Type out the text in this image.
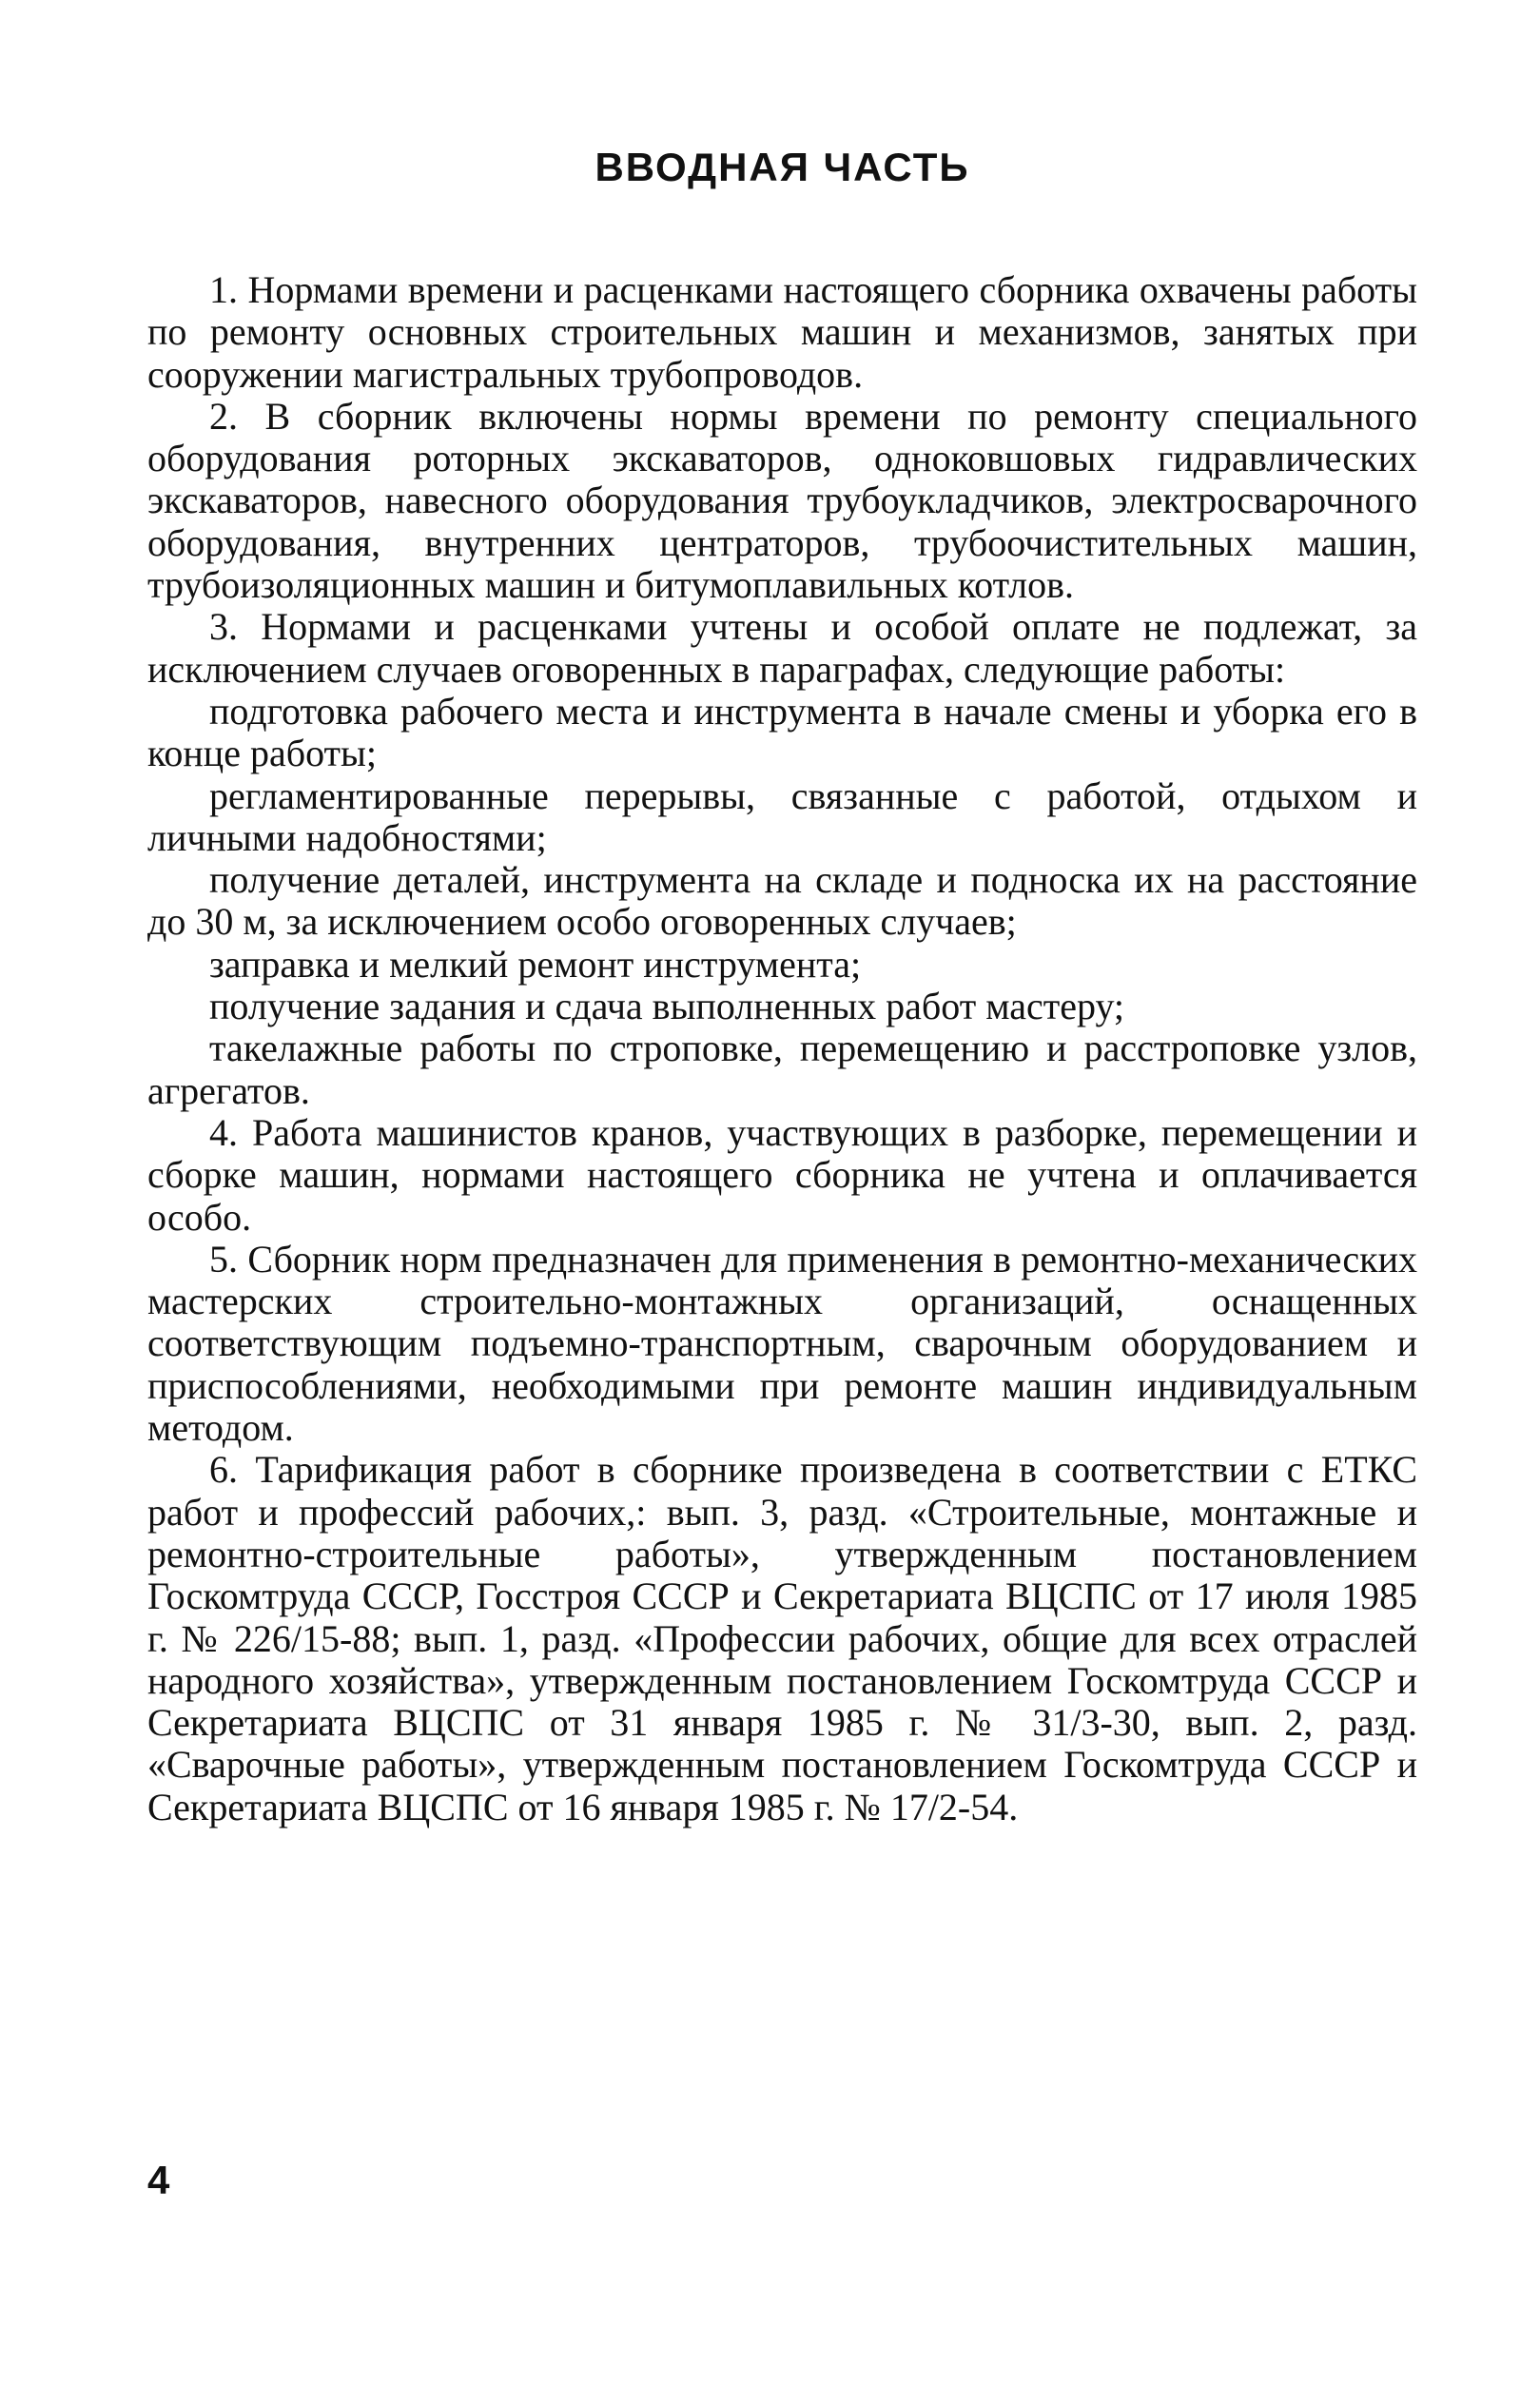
ВВОДНАЯ ЧАСТЬ

1. Нормами времени и расценками настоящего сборника охвачены работы по ремонту основных строительных машин и механизмов, занятых при сооружении магистральных трубопроводов.

2. В сборник включены нормы времени по ремонту специального оборудования роторных экскаваторов, одноковшовых гидравлических экскаваторов, навесного оборудования трубоукладчиков, электросварочного оборудования, внутренних центраторов, трубоочистительных машин, трубоизоляционных машин и битумоплавильных котлов.

3. Нормами и расценками учтены и особой оплате не подлежат, за исключением случаев оговоренных в параграфах, следующие работы:

подготовка рабочего места и инструмента в начале смены и уборка его в конце работы;

регламентированные перерывы, связанные с работой, отдыхом и личными надобностями;

получение деталей, инструмента на складе и подноска их на расстояние до 30 м, за исключением особо оговоренных случаев;

заправка и мелкий ремонт инструмента;

получение задания и сдача выполненных работ мастеру;

такелажные работы по строповке, перемещению и расстроповке узлов, агрегатов.

4. Работа машинистов кранов, участвующих в разборке, перемещении и сборке машин, нормами настоящего сборника не учтена и оплачивается особо.

5. Сборник норм предназначен для применения в ремонтно-механических мастерских строительно-монтажных организаций, оснащенных соответствующим подъемно-транспортным, сварочным оборудованием и приспособлениями, необходимыми при ремонте машин индивидуальным методом.

6. Тарификация работ в сборнике произведена в соответствии с ЕТКС работ и профессий рабочих,: вып. 3, разд. «Строительные, монтажные и ремонтно-строительные работы», утвержденным постановлением Госкомтруда СССР, Госстроя СССР и Секретариата ВЦСПС от 17 июля 1985 г. № 226/15-88; вып. 1, разд. «Профессии рабочих, общие для всех отраслей народного хозяйства», утвержденным постановлением Госкомтруда СССР и Секретариата ВЦСПС от 31 января 1985 г. № 31/3-30, вып. 2, разд. «Сварочные работы», утвержденным постановлением Госкомтруда СССР и Секретариата ВЦСПС от 16 января 1985 г. № 17/2-54.

4
